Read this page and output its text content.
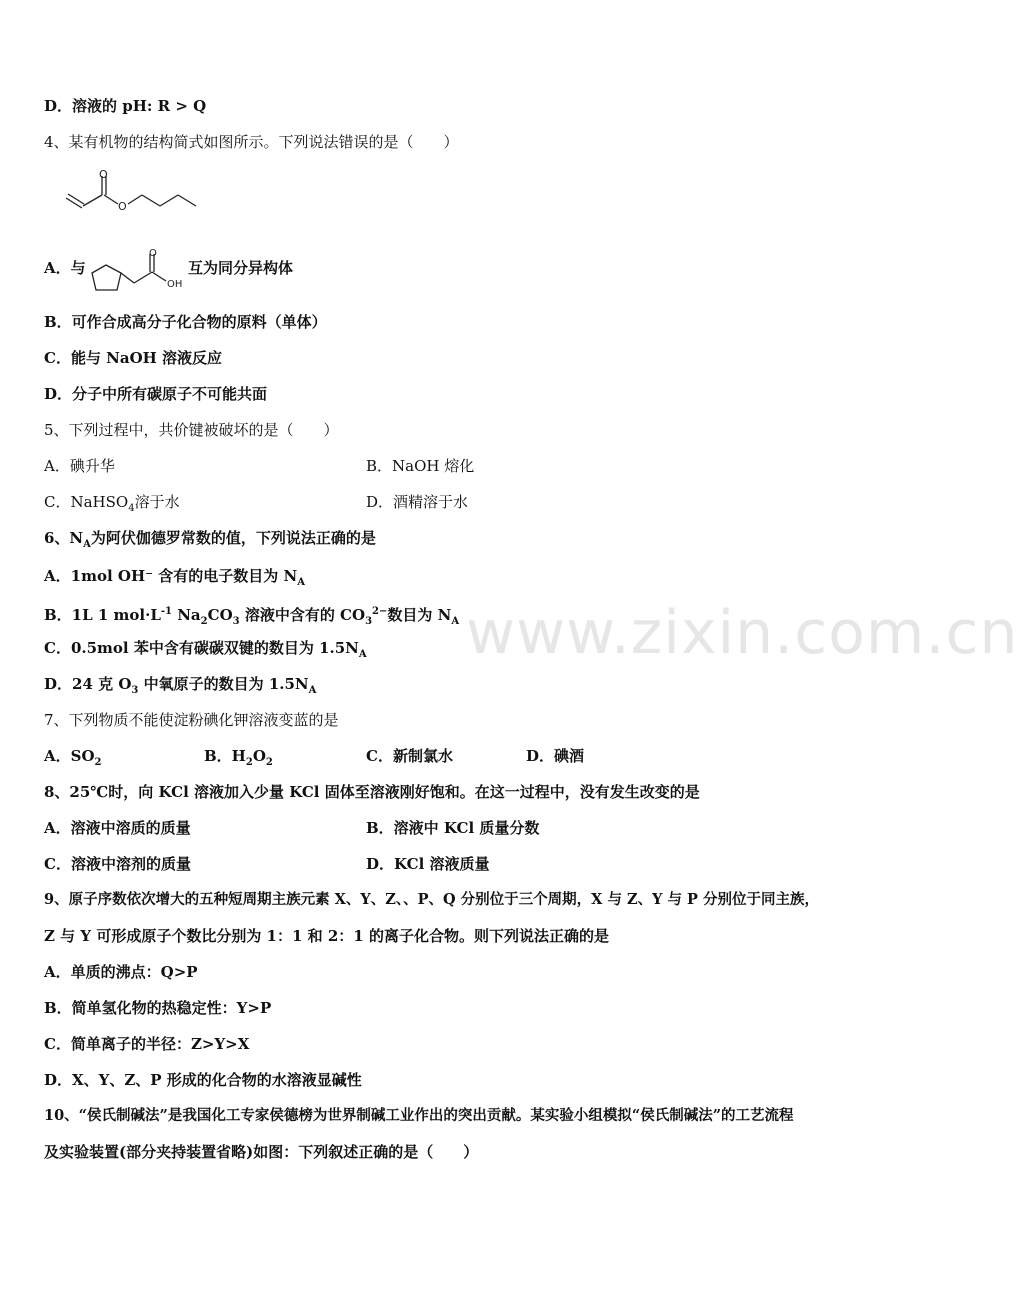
www.zixin.com.cn
D．溶液的 pH: R > Q
4、某有机物的结构简式如图所示。下列说法错误的是（　　）
O
O
A．与
O
OH
互为同分异构体
B．可作合成高分子化合物的原料（单体）
C．能与 NaOH 溶液反应
D．分子中所有碳原子不可能共面
5、下列过程中，共价键被破坏的是（　　）
A．碘升华	B．NaOH 熔化
C．NaHSO$_4$溶于水	D．酒精溶于水
6、$N_A$为阿伏伽德罗常数的值，下列说法正确的是
A．1mol OH⁻ 含有的电子数目为 $N_A$
B．1L 1 $mol\cdot L^{-1}$ $Na_2CO_3$ 溶液中含有的 $CO_3^{2-}$数目为 $N_A$
C．0.5mol 苯中含有碳碳双键的数目为 $1.5N_A$
D．24 克 $O_3$ 中氧原子的数目为 $1.5N_A$
7、下列物质不能使淀粉碘化钾溶液变蓝的是
A．$SO_2$	B．$H_2O_2$	C．新制氯水	D．碘酒
8、25℃时，向 KCl 溶液加入少量 KCl 固体至溶液刚好饱和。在这一过程中，没有发生改变的是
A．溶液中溶质的质量	B．溶液中 KCl 质量分数
C．溶液中溶剂的质量	D．KCl 溶液质量
9、原子序数依次增大的五种短周期主族元素 X、Y、Z、、P、Q 分别位于三个周期，X 与 Z、Y 与 P 分别位于同主族，
Z 与 Y 可形成原子个数比分别为 1：1 和 2：1 的离子化合物。则下列说法正确的是
A．单质的沸点：Q>P
B．简单氢化物的热稳定性：Y>P
C．简单离子的半径：Z>Y>X
D．X、Y、Z、P 形成的化合物的水溶液显碱性
10、“侯氏制碱法”是我国化工专家侯德榜为世界制碱工业作出的突出贡献。某实验小组模拟“侯氏制碱法”的工艺流程
及实验装置(部分夹持装置省略)如图：下列叙述正确的是（　　）
